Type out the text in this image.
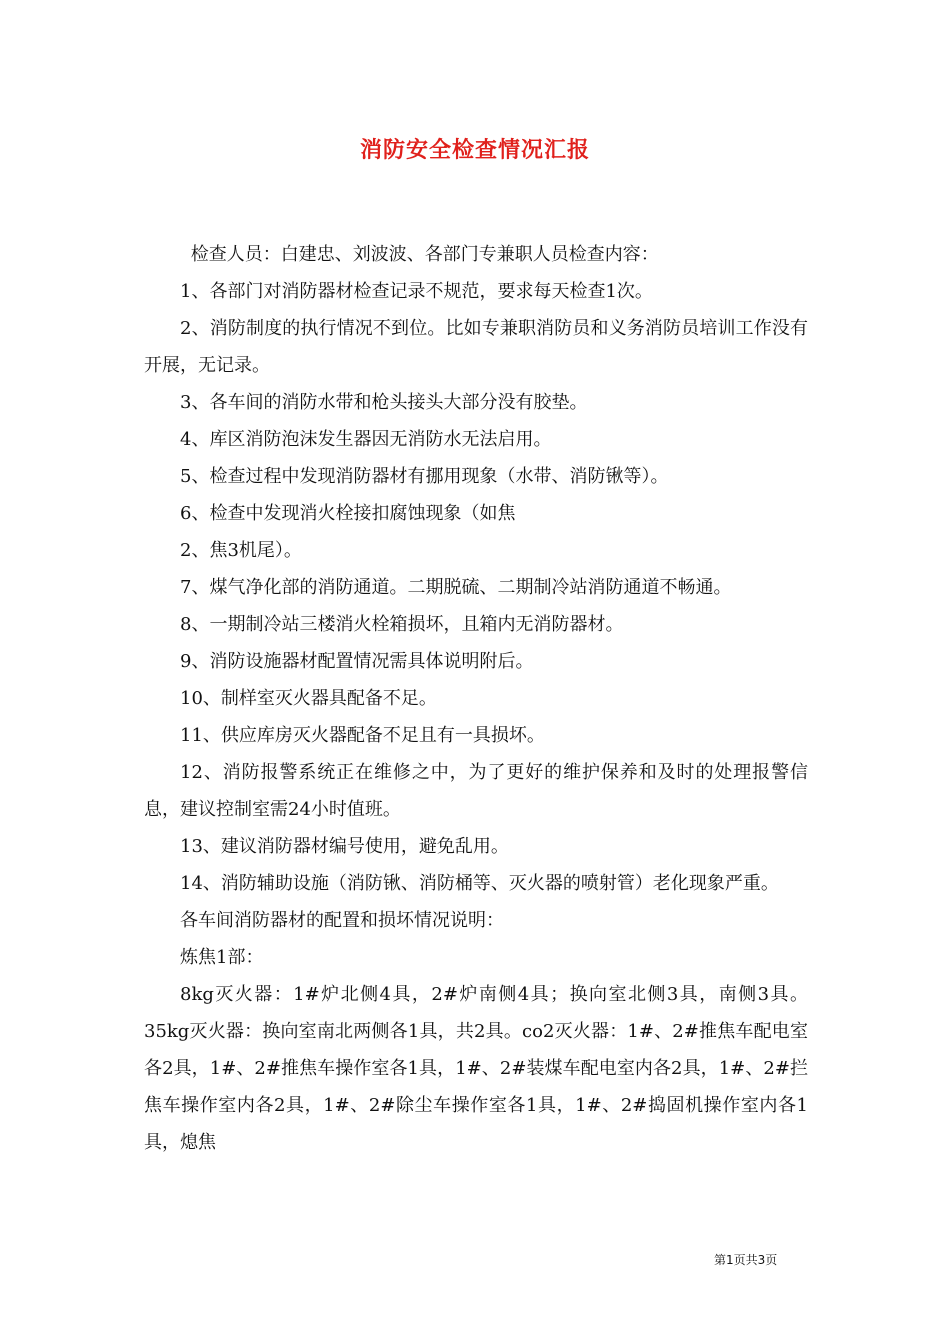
消防安全检查情况汇报

检查人员：白建忠、刘波波、各部门专兼职人员检查内容：

1、各部门对消防器材检查记录不规范，要求每天检查1次。

2、消防制度的执行情况不到位。比如专兼职消防员和义务消防员培训工作没有开展，无记录。

3、各车间的消防水带和枪头接头大部分没有胶垫。

4、库区消防泡沫发生器因无消防水无法启用。

5、检查过程中发现消防器材有挪用现象（水带、消防锹等）。

6、检查中发现消火栓接扣腐蚀现象（如焦

2、焦3机尾）。

7、煤气净化部的消防通道。二期脱硫、二期制冷站消防通道不畅通。

8、一期制冷站三楼消火栓箱损坏，且箱内无消防器材。

9、消防设施器材配置情况需具体说明附后。

10、制样室灭火器具配备不足。

11、供应库房灭火器配备不足且有一具损坏。

12、消防报警系统正在维修之中，为了更好的维护保养和及时的处理报警信息，建议控制室需24小时值班。

13、建议消防器材编号使用，避免乱用。

14、消防辅助设施（消防锹、消防桶等、灭火器的喷射管）老化现象严重。

各车间消防器材的配置和损坏情况说明：

炼焦1部：

8kg灭火器：1#炉北侧4具，2#炉南侧4具；换向室北侧3具，南侧3具。35kg灭火器：换向室南北两侧各1具，共2具。co2灭火器：1#、2#推焦车配电室各2具，1#、2#推焦车操作室各1具，1#、2#装煤车配电室内各2具，1#、2#拦焦车操作室内各2具，1#、2#除尘车操作室各1具，1#、2#捣固机操作室内各1具，熄焦

第1页共3页
